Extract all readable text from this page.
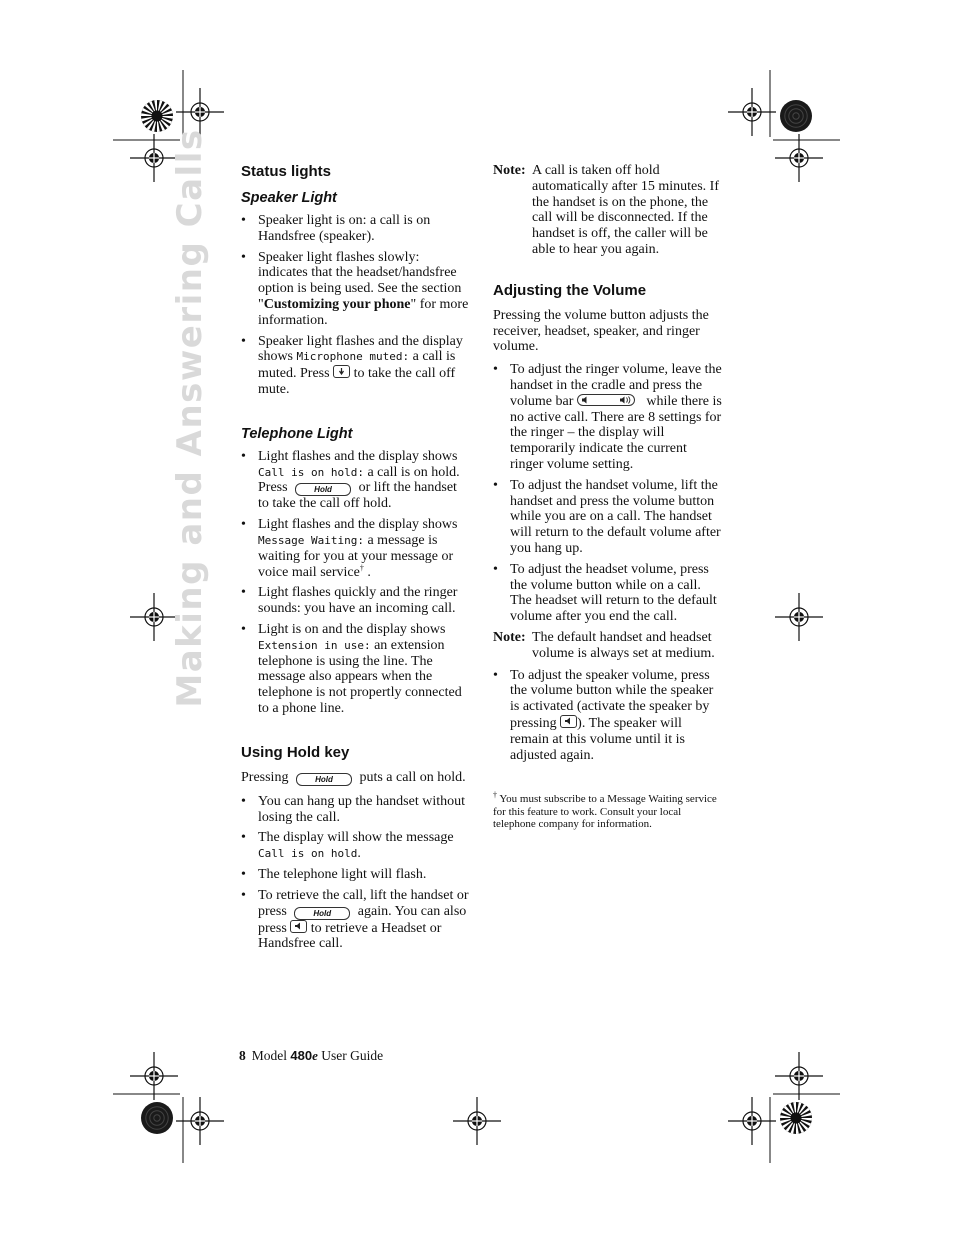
Making and Answering Calls Status lights
Speaker Light
• Speaker light is on: a call is on Handsfree (speaker).
• Speaker light flashes slowly: indicates that the headset/handsfree option is being used. See the section "Customizing your phone" for more information.
• Speaker light flashes and the display shows Microphone muted: a call is muted. Press
to take the call off mute.
Telephone Light
• Light flashes and the display shows Call is on hold: a call is on hold. Press	Hold or lift the handset to take the call off hold.
• Light flashes and the display shows Message Waiting: a message is waiting for you at your message or voice mail service† .
• Light flashes quickly and the ringer sounds: you have an incoming call.
• Light is on and the display shows Extension in use: an extension telephone is using the line. The message also appears when the telephone is not propertly connected to a phone line.
Using Hold key

Pressing	Hold puts a call on hold.

• You can hang up the handset without losing the call.
• The display will show the message Call is on hold.
• The telephone light will flash.
• To retrieve the call, lift the handset or press	Hold again. You can also press
to retrieve a Headset or Handsfree call.
Note: A call is taken off hold automatically after 15 minutes. If the handset is on the phone, the call will be disconnected. If the handset is off, the caller will be able to hear you again.
Adjusting the Volume

Pressing the volume button adjusts the receiver, headset, speaker, and ringer volume.

• To adjust the ringer volume, leave the handset in the cradle and press the volume bar	while there is no active call. There are 8 settings for the ringer – the display will temporarily indicate the current ringer volume setting.
• To adjust the handset volume, lift the handset and press the volume button while you are on a call. The handset will return to the default volume after you hang up.
• To adjust the headset volume, press the volume button while on a call. The headset will return to the default volume after you end the call.
Note: The default handset and headset volume is always set at medium.
• To adjust the speaker volume, press the volume button while the speaker is activated (activate the speaker by pressing
). The speaker will remain at this volume until it is adjusted again.

† You must subscribe to a Message Waiting service for this feature to work. Consult your local telephone company for information.

8 Model 480e User Guide
